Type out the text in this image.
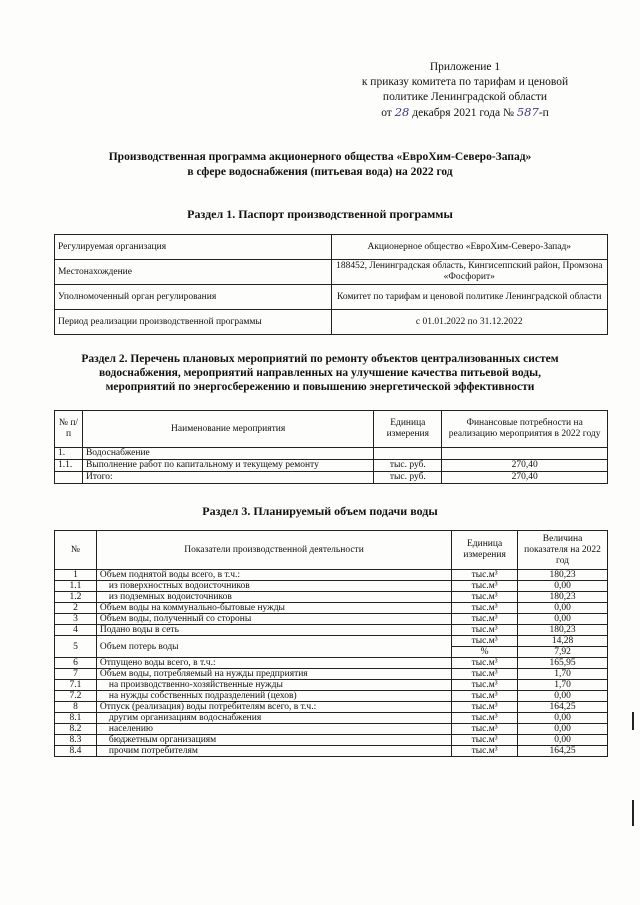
Приложение 1
к приказу комитета по тарифам и ценовой
политике Ленинградской области
от 28 декабря 2021 года № 587-п
Производственная программа акционерного общества «ЕвроХим-Северо-Запад»
в сфере водоснабжения (питьевая вода) на 2022 год
Раздел 1. Паспорт производственной программы
Регулируемая организация	Акционерное общество «ЕвроХим-Северо-Запад»
Местонахождение	188452, Ленинградская область, Кингисеппский район, Промзона «Фосфорит»
Уполномоченный орган регулирования	Комитет по тарифам и ценовой политике Ленинградской области
Период реализации производственной программы	с 01.01.2022 по 31.12.2022
Раздел 2. Перечень плановых мероприятий по ремонту объектов централизованных систем
водоснабжения, мероприятий направленных на улучшение качества питьевой воды,
мероприятий по энергосбережению и повышению энергетической эффективности
№ п/п	Наименование мероприятия	Единица измерения	Финансовые потребности на реализацию мероприятия в 2022 году
1.	Водоснабжение		
1.1.	Выполнение работ по капитальному и текущему ремонту	тыс. руб.	270,40
	Итого:	тыс. руб.	270,40
Раздел 3. Планируемый объем подачи воды
№	Показатели производственной деятельности	Единица измерения	Величина показателя на 2022 год
1	Объем поднятой воды всего, в т.ч.:	тыс.м³	180,23
1.1	из поверхностных водоисточников	тыс.м³	0,00
1.2	из подземных водоисточников	тыс.м³	180,23
2	Объем воды на коммунально-бытовые нужды	тыс.м³	0,00
3	Объем воды, полученный со стороны	тыс.м³	0,00
4	Подано воды в сеть	тыс.м³	180,23
5	Объем потерь воды	тыс.м³	14,28
		%	7,92
6	Отпущено воды всего, в т.ч.:	тыс.м³	165,95
7	Объем воды, потребляемый на нужды предприятия	тыс.м³	1,70
7.1	на производственно-хозяйственные нужды	тыс.м³	1,70
7.2	на нужды собственных подразделений (цехов)	тыс.м³	0,00
8	Отпуск (реализация) воды потребителям всего, в т.ч.:	тыс.м³	164,25
8.1	другим организациям водоснабжения	тыс.м³	0,00
8.2	населению	тыс.м³	0,00
8.3	бюджетным организациям	тыс.м³	0,00
8.4	прочим потребителям	тыс.м³	164,25
